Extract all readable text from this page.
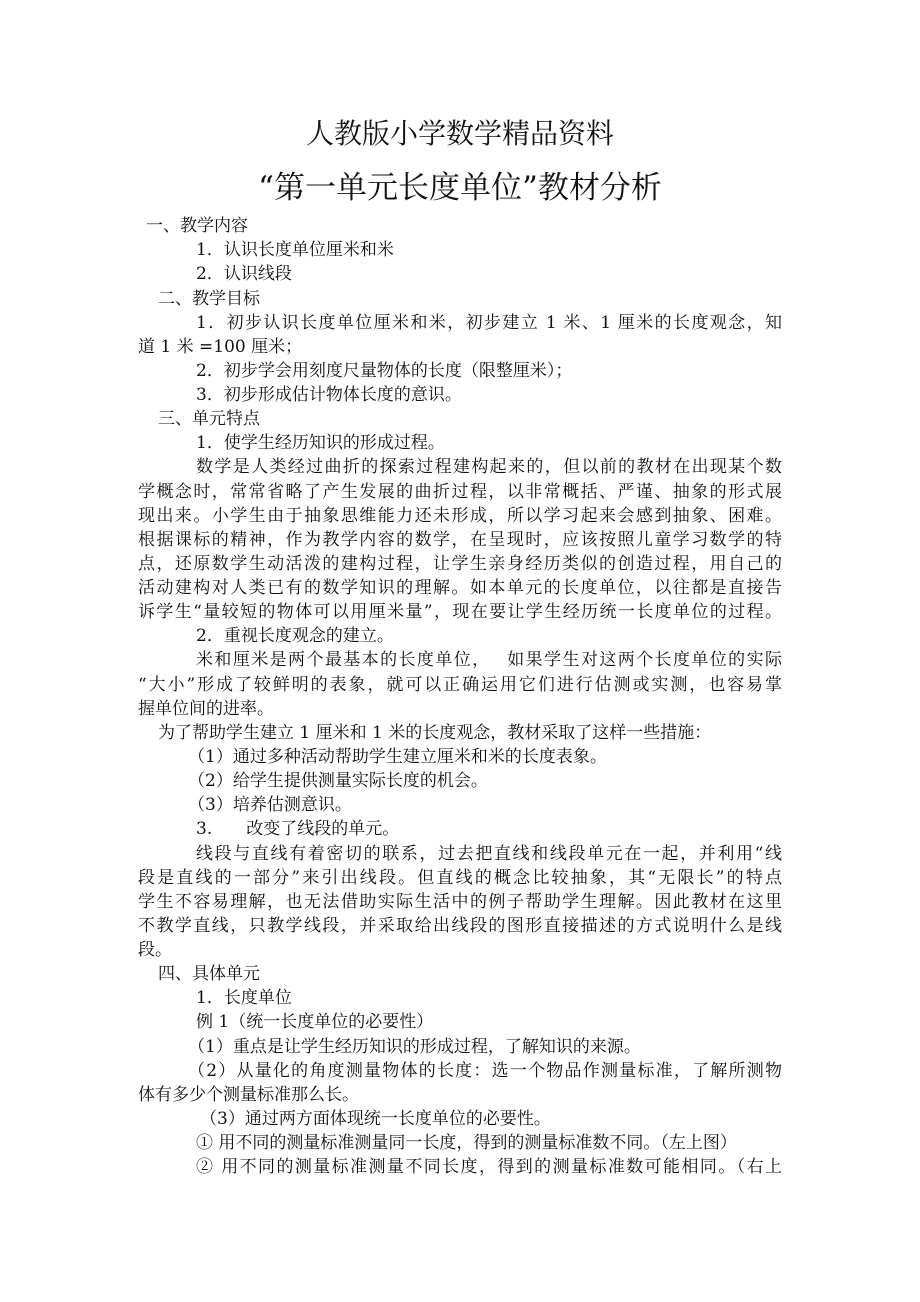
人教版小学数学精品资料
“第一单元长度单位”教材分析
一、教学内容
1．认识长度单位厘米和米
2．认识线段
二、教学目标
1．初步认识长度单位厘米和米，初步建立 1 米、1 厘米的长度观念，知
道 1 米 =100 厘米；
2．初步学会用刻度尺量物体的长度（限整厘米）；
3．初步形成估计物体长度的意识。
三、单元特点
1．使学生经历知识的形成过程。
数学是人类经过曲折的探索过程建构起来的，但以前的教材在出现某个数
学概念时，常常省略了产生发展的曲折过程，以非常概括、严谨、抽象的形式展
现出来。小学生由于抽象思维能力还未形成，所以学习起来会感到抽象、困难。
根据课标的精神，作为教学内容的数学，在呈现时，应该按照儿童学习数学的特
点，还原数学生动活泼的建构过程，让学生亲身经历类似的创造过程，用自己的
活动建构对人类已有的数学知识的理解。如本单元的长度单位，以往都是直接告
诉学生“量较短的物体可以用厘米量”，现在要让学生经历统一长度单位的过程。
2．重视长度观念的建立。
米和厘米是两个最基本的长度单位，　 如果学生对这两个长度单位的实际
“大小”形成了较鲜明的表象，就可以正确运用它们进行估测或实测，也容易掌
握单位间的进率。
为了帮助学生建立 1 厘米和 1 米的长度观念，教材采取了这样一些措施：
（1）通过多种活动帮助学生建立厘米和米的长度表象。
（2）给学生提供测量实际长度的机会。
（3）培养估测意识。
3.　　改变了线段的单元。
线段与直线有着密切的联系，过去把直线和线段单元在一起，并利用“线
段是直线的一部分”来引出线段。但直线的概念比较抽象，其“无限长”的特点
学生不容易理解，也无法借助实际生活中的例子帮助学生理解。因此教材在这里
不教学直线，只教学线段，并采取给出线段的图形直接描述的方式说明什么是线
段。
四、具体单元
1．长度单位
例 1（统一长度单位的必要性）
（1）重点是让学生经历知识的形成过程，了解知识的来源。
（2）从量化的角度测量物体的长度：选一个物品作测量标准，了解所测物
体有多少个测量标准那么长。
（3）通过两方面体现统一长度单位的必要性。
① 用不同的测量标准测量同一长度，得到的测量标准数不同。（左上图）
② 用不同的测量标准测量不同长度，得到的测量标准数可能相同。（右上
